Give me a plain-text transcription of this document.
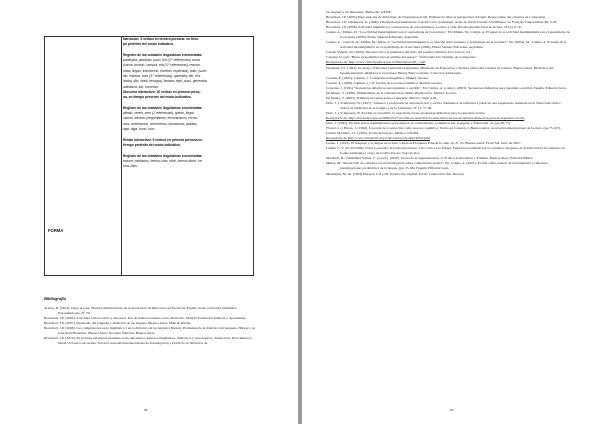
FORMA

Narración: 3 verbos en tercera persona: en tiem-

po pretérito del modo indicativo.

Registro de las unidades lingüísticas encontradas:

publicaba, pasaban, pasó, fue (3.º referencias) corría

(corría, durmió, comprá, era (3.º referencias), reaccio-

naba, llegan, transformó, escribió, esperaba), trató, (suce-

dió, estrena, tuvo (3.º referencias), aprendía, dió, rea-

lizaba, dijo, sintió (recogía), llevaba, dejó, puso, generaba,

satisfacía, iba, comenzó.

Discurso interactivo: 20 verbos en primera perso-

na, en tiempo presente del modo indicativo.

Registro de las unidades lingüísticas encontradas:

afrado, veréis, eres (2 referencias), quiero, llegar,

vamos, afrobár, preguntamos, encontramos, recha-

mos, aceleramos, conocemos, asociamos, plantas,

algo, diga, tomo, tuvo.

Relato interactivo: 5 verbos en primera persona en

tiempo pretérito del modo indicativo.

Registro de las unidades lingüísticas encontradas:

estuve, hablamos, hemos vido, robé, hemos dicho, he-

mos visto.

Bibliografía
Arenas, D. (2014). Pegar el pase. Madrid: Publicaciones de la Asociación de Directores de Escena de España. Serie: Literatura Dramática Iberoamericana, Nº 70.
Bronckart, J.P. (2004). Actividad verbal, textos y discursos. Por un interaccionismo socio-discursivo. Madrid: Fundación Infancia y Aprendizaje.
Bronckart, J.P. (2007). Desarrollo del lenguaje y Didáctica de las lenguas. Buenos Aires: Miño & Dávila.
Bronckart, J.P. (2008). Las competencias en la lingüística y en la didáctica de las lenguas (Baixar). Problemas de la didáctica del lenguaje. Habego con Jean-Paul Bronckart. Buenos Aires: Noveduc Editores. Buenos Aires.
Bronckart, J.P. (2010). En frontera del Interaccionismo socio-discursivo: aspectos lingüísticos, didácticos y psicológicos. Traducción: Dora Riestra y Marta Victoria Goicoechea. Terceras Jornadas Internacionales de Investigación y Prácticas en Didáctica de
88
las lenguas y las literaturas. Bariloche: GEISE.
Bronckart, J.P. (2005) Rega sing une de didactique de l'expression écrite. Elément de bilan et perspectives d'avenir. Revue suisse des sciences de l' éducation.
Bronckart, J.P; Schneuwly, G. (1990). Description grammaticale et profil socio-syntaxique: Actes de la IVe Journée Scientifique. Le Français d'aujourd'hui. 86, 5-16.
Bronckart, J.P. (2008). Actividad lingüística y construcción de conocimientos. Lectura y vida: Revista internacional de lectura. 29 (2), 6-16.
Camps, A.; Milian, M. "La actividad metalingüística en el aprendizaje de la escritura." En: Milian, M.; Camps, A. El papel de la actividad metalingüística en el aprendizaje de la escritura (2000). Homo Sapiens Ediciones. Argentina.
Camps, A. ; Guasch, O.; Milian, M.; Ribas, T. "Actividad metalingüística: la relación entre escritura y aprendizaje de la escritura." En: Milian, M., Camps, A. El papel de la actividad metalingüística en el aprendizaje de la escritura (2000). Homo Sapiens Ediciones. Argentina.
Casado Velarde, M. (2000). Introducción a la gramática del texto del español. Madrid: Arco Libros, S.L.
Cassany, D. (s/f) "Breve propedéutica para el análisis del ensayo". Universidad de Santiago de Compostela.
Recuperado de: http://www.cienciayeducacion.es/files/libros/t20_1.pdf
Clemente, I.S. (1991). El ensayo. Ediciones Culturales Argentinas. Ministerio de Educación y Justicia. Dirección General de Cultura. Buenos Aires. Biblioteca del Sesquicentenario dirigida por el profesor Héctor Blas González. Colección Antologías.
Coseriu, E. (1992). Capítulo 1. Competencia lingüística. Madrid: Gredos.
Coseriu, E. (1988). Capítulo 1 y II. Teorías de la teoría normativa. Madrid: Gredos.
Cotterius, J. (1991) "Secuencias didácticas para aprender a escribir". En: Camps, A. (comp.). (2003). Secuencias didácticas para aprender a escribir. España: Editorial Graó.
De Mauro, T. (1986). Minimalismo de la comunicación. Minicomunicación. Madrid: Gredos.
De Mauro, T. (2005). Primeras lecciones sobre el lenguaje. México: Siglo XXI.
Dolz, J. y Schneuwly, B. (1997). "Géneros y progresión en expresión oral y escrita. Elementos de reflexión a partir de una experiencia realizada en la Suiza francófona", Textos de Didáctica de la Lengua y de la Literatura, Nº 11: 77-98.
Dolz, J. y Schneuwly, B. Escribir es reescribir: la reescritura en las secuencias didácticas para la expresión escrita.
Recuperado de: http://inscatala.logre.es/2009/05/27/escribir-es-reescribir-la-reescritura-en-las-secuencias-didacticas-para-la-expresion-escrita
Dolz, J. (1995). Escribir textos argumentativos para mejorar su comprensión. Comunicación, Lenguaje y Educación. 25, (pp.65-77).
Flower, L. y Hayes, J. (1996). La teoría de la redacción como proceso cognitivo. Textos en Contexto I, Buenos Aires: Asociación Internacional de Lectura. (pp.73-107).
Gómez Martínez, J.L. (1992). Teoría del ensayo. México: UNAM.
Recuperado de http://www.ensayistas.org/critica/ensayo/gomez/index.htm
Lerner, J. (2001). El lenguaje y la lengua en el aula: a Revista Propuesta Educativa, Año 12, Nº 25. Buenos Aires: FLACSO. Julio de 2001.
Lulkin, G. V. (01/10/2006). Sobre la escuela: la forma del ensayo. Una carta a Leo Pipper. Fundación realizada por los alumnos del grupo de Traducción II del semestre de Lenna Alemanna a cargo de Cecilia Tercero Vasconcelos.
Marafioti, R., Santibáñez Yáñez, C. (coord.). (2010). Teoría de la argumentación. A 50 años de Perelman y Toulmin. Buenos Aires: Editorial Biblos.
Milian, M. "Interacción de contextos en la investigación sobre composición escrita". En: Camps, A. (2001). El aula como espacio de investigación y reflexión: investigaciones en didáctica de la lengua. (pp. 25-36). España: Editorial Graó.
Montaigne, M. de. (1994) Ensayos I, II y III. Traducción original: Escrit. Traducción: Ma. Dolores
89
